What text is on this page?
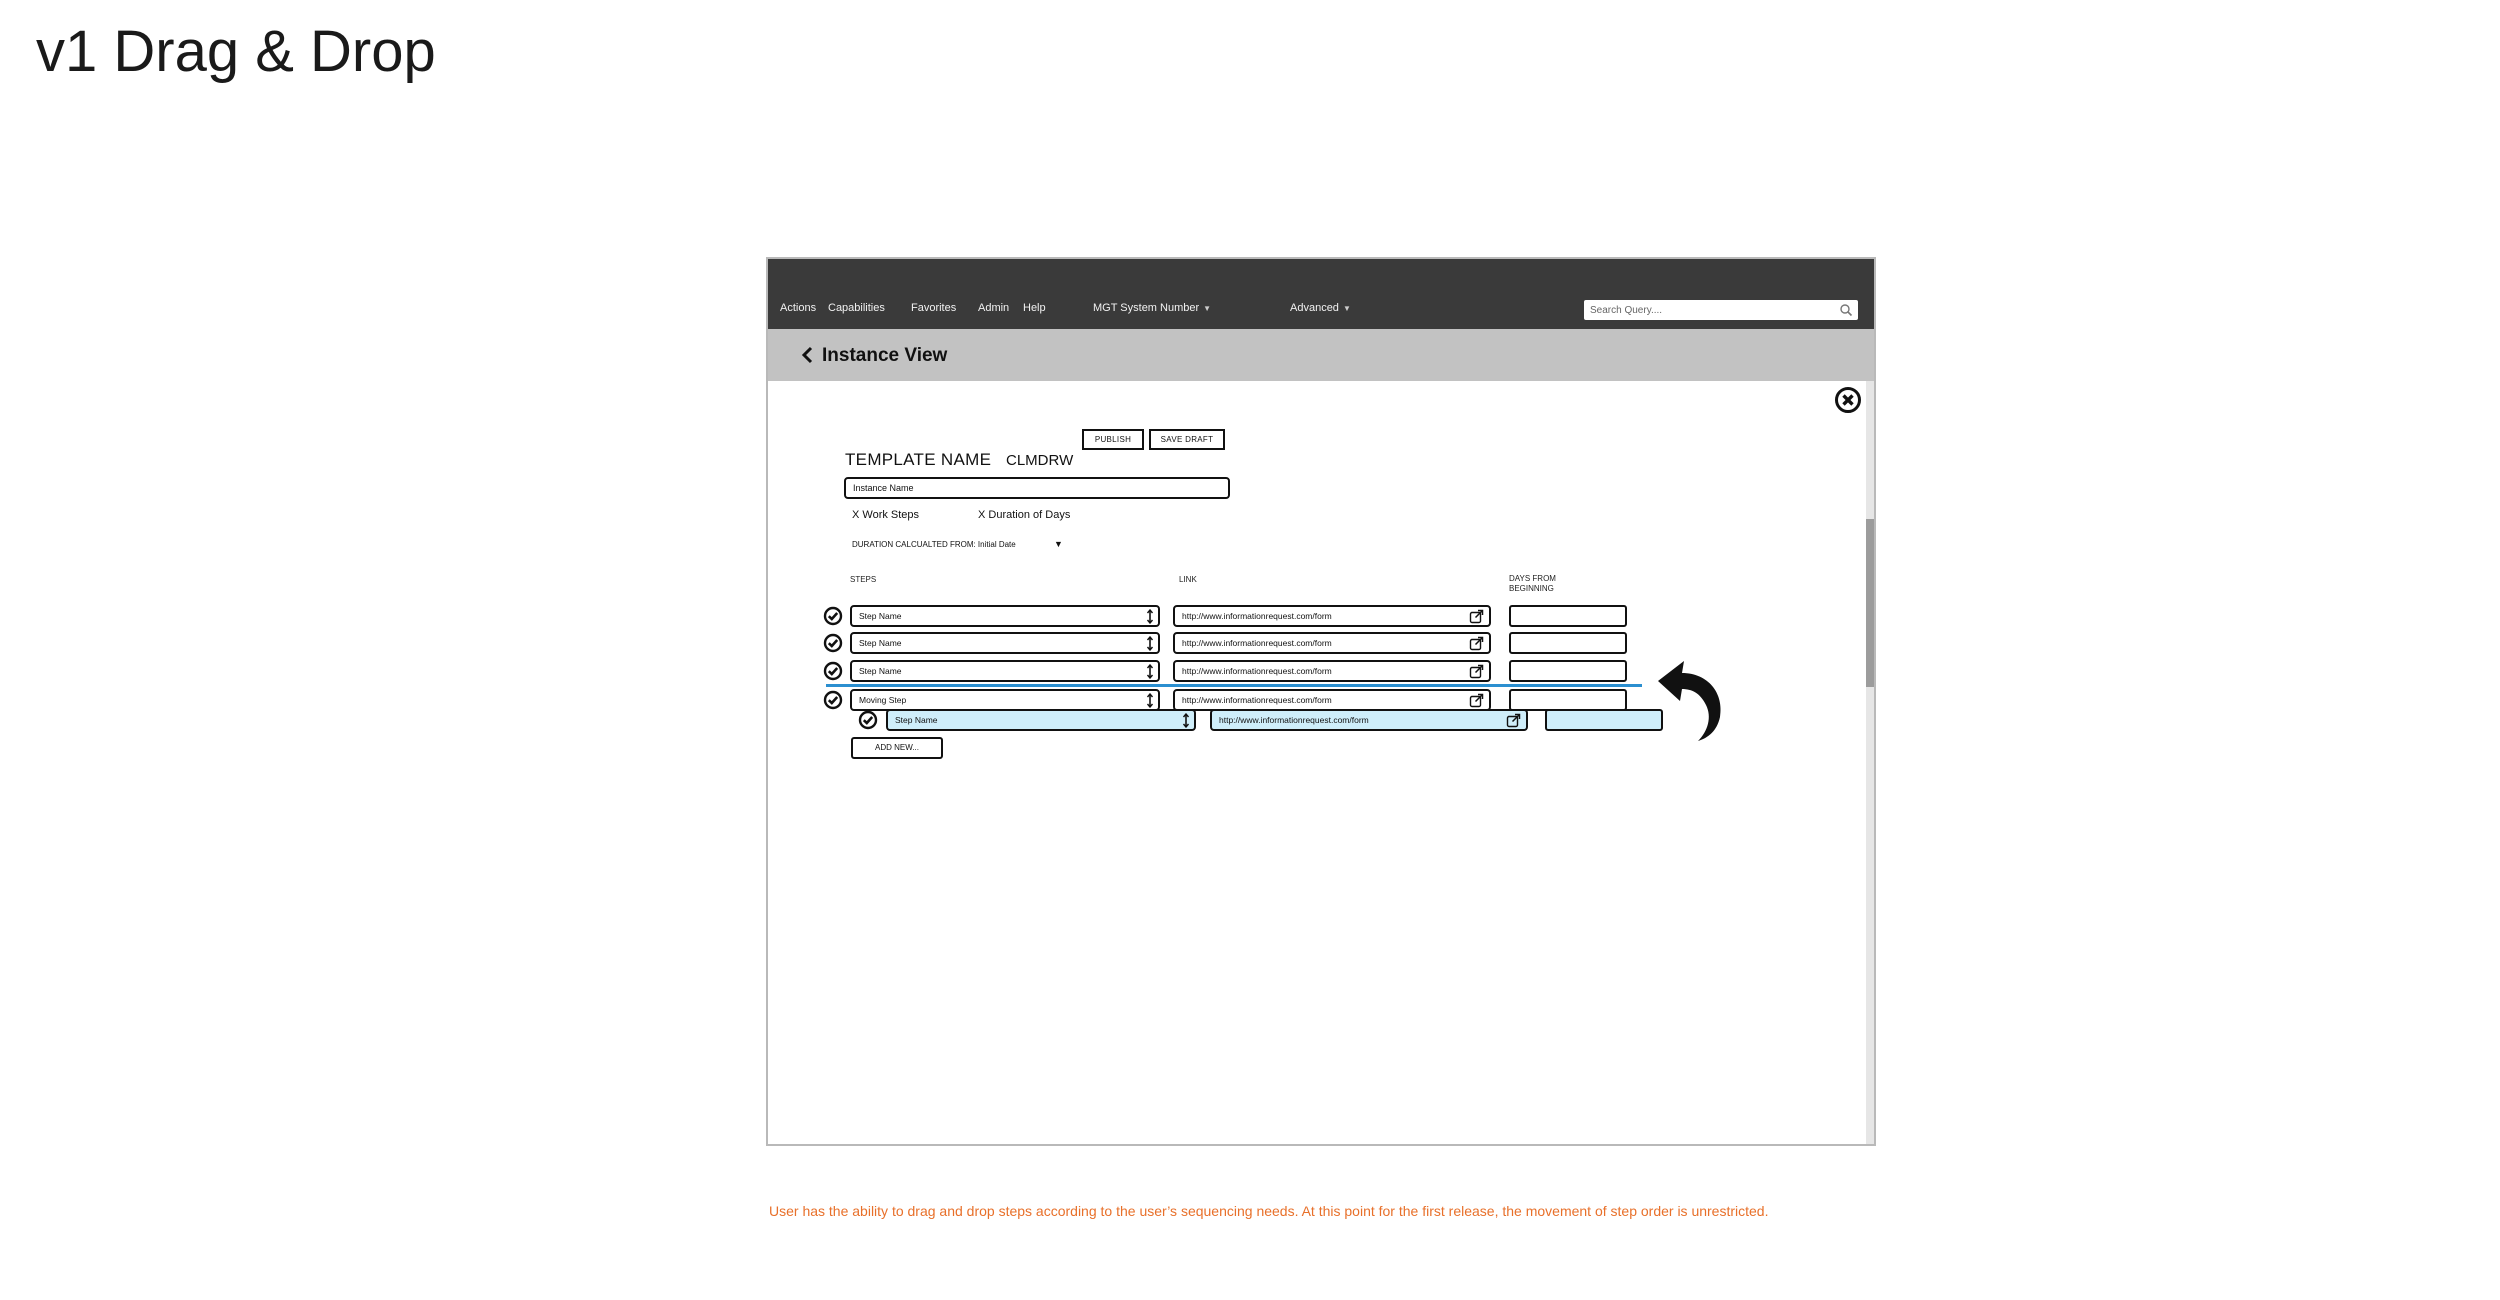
v1 Drag & Drop
Actions Capabilities Favorites Admin Help	MGT System Number ▼	Advanced ▼
Search Query....
Instance View
PUBLISH	SAVE DRAFT
TEMPLATE NAME CLMDRW
Instance Name
X Work Steps	X Duration of Days
DURATION CALCUALTED FROM: Initial Date	▼
STEPS	LINK	DAYS FROM
BEGINNING
Step Name	http://www.informationrequest.com/form
Step Name	http://www.informationrequest.com/form
Step Name	http://www.informationrequest.com/form
Moving Step	http://www.informationrequest.com/form
Step Name	http://www.informationrequest.com/form
ADD NEW...
User has the ability to drag and drop steps according to the user’s sequencing needs. At this point for the first release, the movement of step order is unrestricted.
